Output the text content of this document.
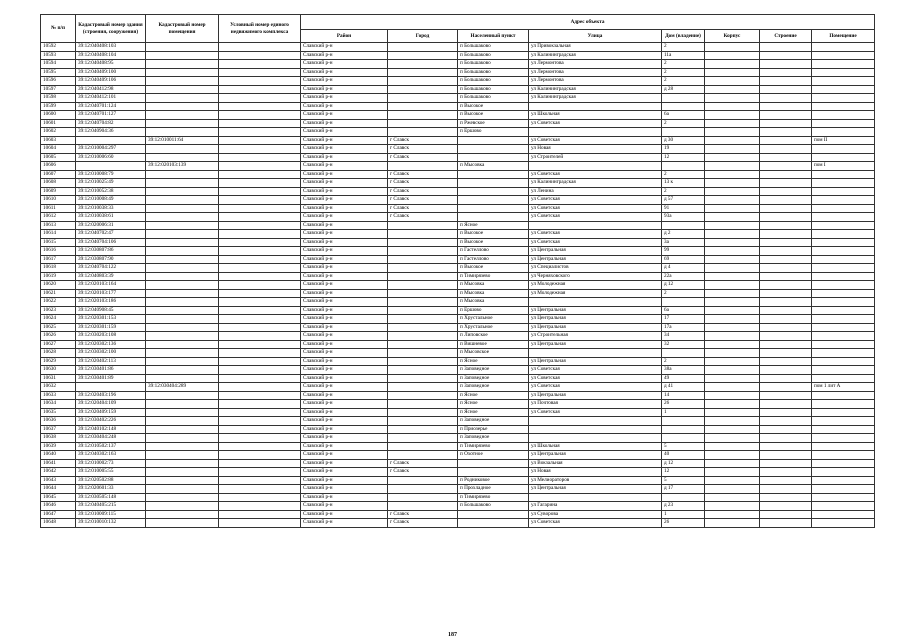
№ п/п	Кадастровый номер здания (строения, сооружения)	Кадастровый номер помещения	Условный номер единого недвижимого комплекса	Адрес объекта							
				Район	Город	Населенный пункт	Улица	Дом (владение)	Корпус	Строение	Помещение
10592	39:12:040408:103			Славский р-н		п Большаково	ул Привокзальная	2			
10593	39:12:040408:104			Славский р-н		п Большаково	ул Калининградская	11а			
10594	39:12:040408:95			Славский р-н		п Большаково	ул Лермонтова	2			
10595	39:12:040409:100			Славский р-н		п Большаково	ул Лермонтова	2			
10596	39:12:040409:106			Славский р-н		п Большаково	ул Лермонтова	2			
10597	39:12:040412:98			Славский р-н		п Большаково	ул Калининградская	д 28			
10598	39:12:040412:101			Славский р-н		п Большаково	ул Калининградская				
10599	39:12:040701:124			Славский р-н		п Высокое					
10600	39:12:040701:127			Славский р-н		п Высокое	ул Школьная	6а			
10601	39:12:040704:82			Славский р-н		п Ржевское	ул Советская	2			
10602	39:12:040904:36			Славский р-н		п Ершово					
10603		39:12:010011:64		Славский р-н	г Славск		ул Советская	д 30			пом II
10604	39:12:010004:297			Славский р-н	г Славск		ул Новая	19			
10605	39:12:010006:60			Славский р-н	г Славск		ул Строителей	12			
10606		39:12:020103:139		Славский р-н		п Мысовка					пом I
10607	39:12:010008:79			Славский р-н	г Славск		ул Советская	2			
10608	39:12:010025:49			Славский р-н	г Славск		ул Калининградская	13 к			
10609	39:12:010052:38			Славский р-н	г Славск		ул Ленина	2			
10610	39:12:010008:49			Славский р-н	г Славск		ул Советская	д 57			
10611	39:12:010038:33			Славский р-н	г Славск		ул Советская	91			
10612	39:12:010038:61			Славский р-н	г Славск		ул Советская	93а			
10613	39:12:020006:31			Славский р-н		п Ясное					
10614	39:12:040702:47			Славский р-н		п Высокое	ул Советская	д 2			
10615	39:12:040704:106			Славский р-н		п Высокое	ул Советская	3а			
10616	39:12:030807:86			Славский р-н		п Гастеллово	ул Центральная	99			
10617	39:12:030807:90			Славский р-н		п Гастеллово	ул Центральная	69			
10618	39:12:040704:122			Славский р-н		п Высокое	ул Специалистов	д 4			
10619	39:12:040803:39			Славский р-н		п Тимирязево	ул Черняховского	22а			
10620	39:12:020103:164			Славский р-н		п Мысовка	ул Молодежная	д 12			
10621	39:12:020103:177			Славский р-н		п Мысовка	ул Молодежная	2			
10622	39:12:020103:186			Славский р-н		п Мысовка					
10623	39:12:040908:45			Славский р-н		п Ершово	ул Центральная	6а			
10624	39:12:020301:153			Славский р-н		п Хрустальное	ул Центральная	17			
10625	39:12:020301:159			Славский р-н		п Хрустальное	ул Центральная	17а			
10626	39:12:030203:108			Славский р-н		п Липовское	ул Строительная	34			
10627	39:12:020302:136			Славский р-н		п Вишневое	ул Центральная	32			
10628	39:12:030302:100			Славский р-н		п Мысовское					
10629	39:12:020402:113			Славский р-н		п Ясное	ул Центральная	2			
10630	39:12:030401:86			Славский р-н		п Заповедное	ул Советская	38а			
10631	39:12:030401:89			Славский р-н		п Заповедное	ул Советская	49			
10632		39:12:030404:289		Славский р-н		п Заповедное	ул Советская	д 41			пом 1 лит А
10633	39:12:020403:196			Славский р-н		п Ясное	ул Центральная	14			
10634	39:12:020404:109			Славский р-н		п Ясное	ул Почтовая	26			
10635	39:12:020409:159			Славский р-н		п Ясное	ул Советская	1			
10636	39:12:030402:226			Славский р-н		п Заповедное					
10637	39:12:040102:148			Славский р-н		п Приозерье					
10638	39:12:030404:248			Славский р-н		п Заповедное					
10639	39:12:010502:137			Славский р-н		п Тимирязево	ул Школьная	5			
10640	39:12:040302:163			Славский р-н		п Охотное	ул Центральная	40			
10641	39:12:010002:73			Славский р-н	г Славск		ул Вокзальная	д 12			
10642	39:12:010005:55			Славский р-н	г Славск		ул Новая	12			
10643	39:12:020502:88			Славский р-н		п Родниковое	ул Мелиораторов	5			
10644	39:12:020601:33			Славский р-н		п Прохладное	ул Центральная	д 17			
10645	39:12:030505:148			Славский р-н		п Тимирязево					
10646	39:12:040405:215			Славский р-н		п Большаково	ул Гагарина	д 23			
10647	39:12:010009:115			Славский р-н	г Славск		ул Суворова	1			
10648	39:12:010010:132			Славский р-н	г Славск		ул Советская	26			
187
